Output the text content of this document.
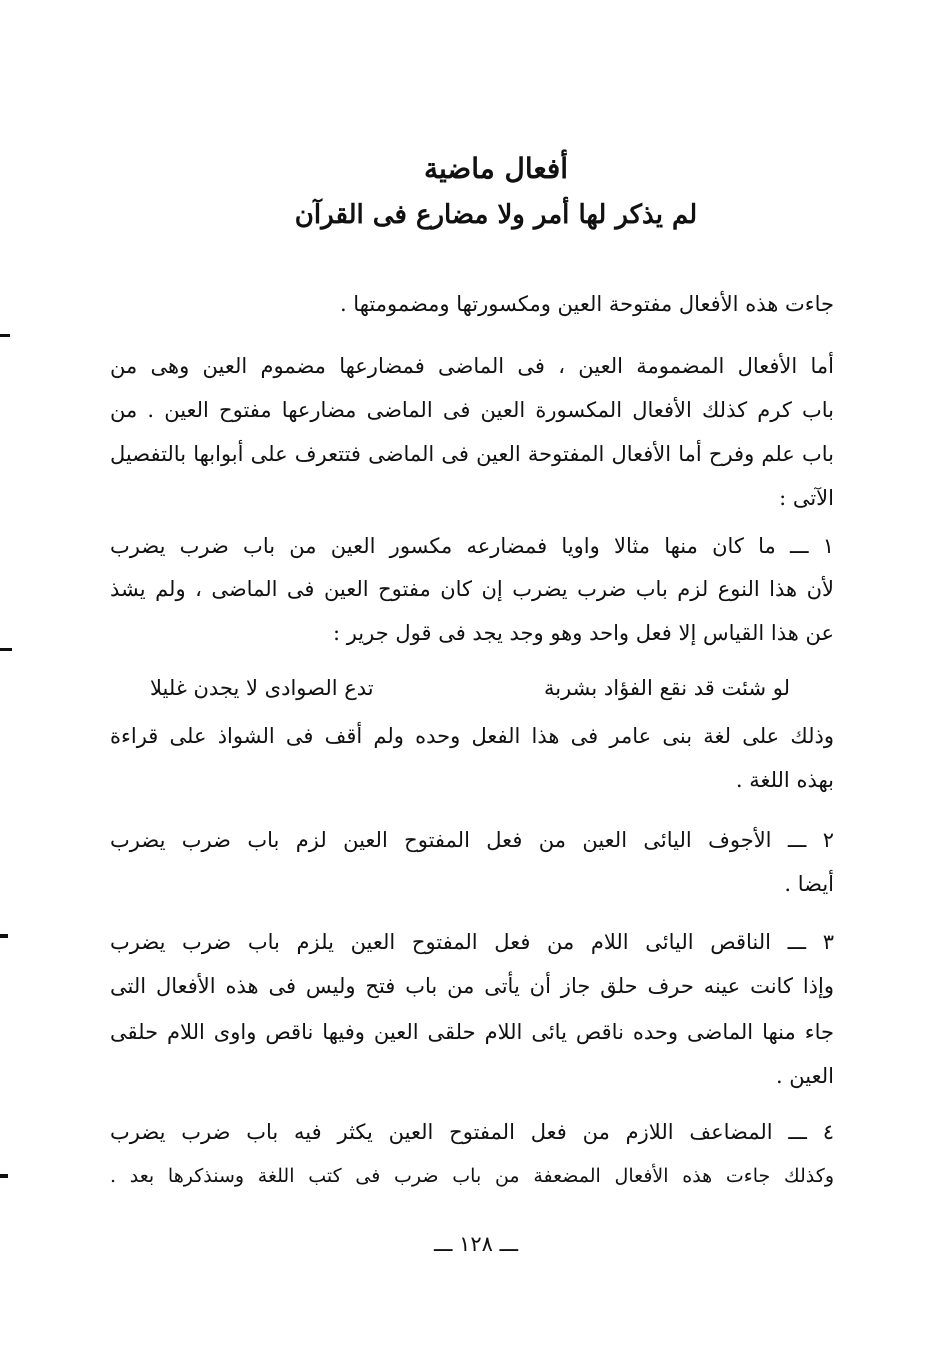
أفعال ماضية
لم يذكر لها أمر ولا مضارع فى القرآن
جاءت هذه الأفعال مفتوحة العين ومكسورتها ومضمومتها .
أما الأفعال المضمومة العين ، فى الماضى فمضارعها مضموم العين وهى من
باب كرم كذلك الأفعال المكسورة العين فى الماضى مضارعها مفتوح العين . من
باب علم وفرح أما الأفعال المفتوحة العين فى الماضى فتتعرف على أبوابها بالتفصيل
الآتى :
١ ـــ ما كان منها مثالا واويا فمضارعه مكسور العين من باب ضرب يضرب
لأن هذا النوع لزم باب ضرب يضرب إن كان مفتوح العين فى الماضى ، ولم يشذ
عن هذا القياس إلا فعل واحد وهو وجد يجد فى قول جرير :
لو شئت قد نقع الفؤاد بشربة
تدع الصوادى لا يجدن غليلا
وذلك على لغة بنى عامر فى هذا الفعل وحده ولم أقف فى الشواذ على قراءة
بهذه اللغة .
٢ ـــ الأجوف اليائى العين من فعل المفتوح العين لزم باب ضرب يضرب
أيضا .
٣ ـــ الناقص اليائى اللام من فعل المفتوح العين يلزم باب ضرب يضرب
وإذا كانت عينه حرف حلق جاز أن يأتى من باب فتح وليس فى هذه الأفعال التى
جاء منها الماضى وحده ناقص يائى اللام حلقى العين وفيها ناقص واوى اللام حلقى
العين .
٤ ـــ المضاعف اللازم من فعل المفتوح العين يكثر فيه باب ضرب يضرب
وكذلك جاءت هذه الأفعال المضعفة من باب ضرب فى كتب اللغة وسنذكرها بعد .
ـــ ١٢٨ ـــ
